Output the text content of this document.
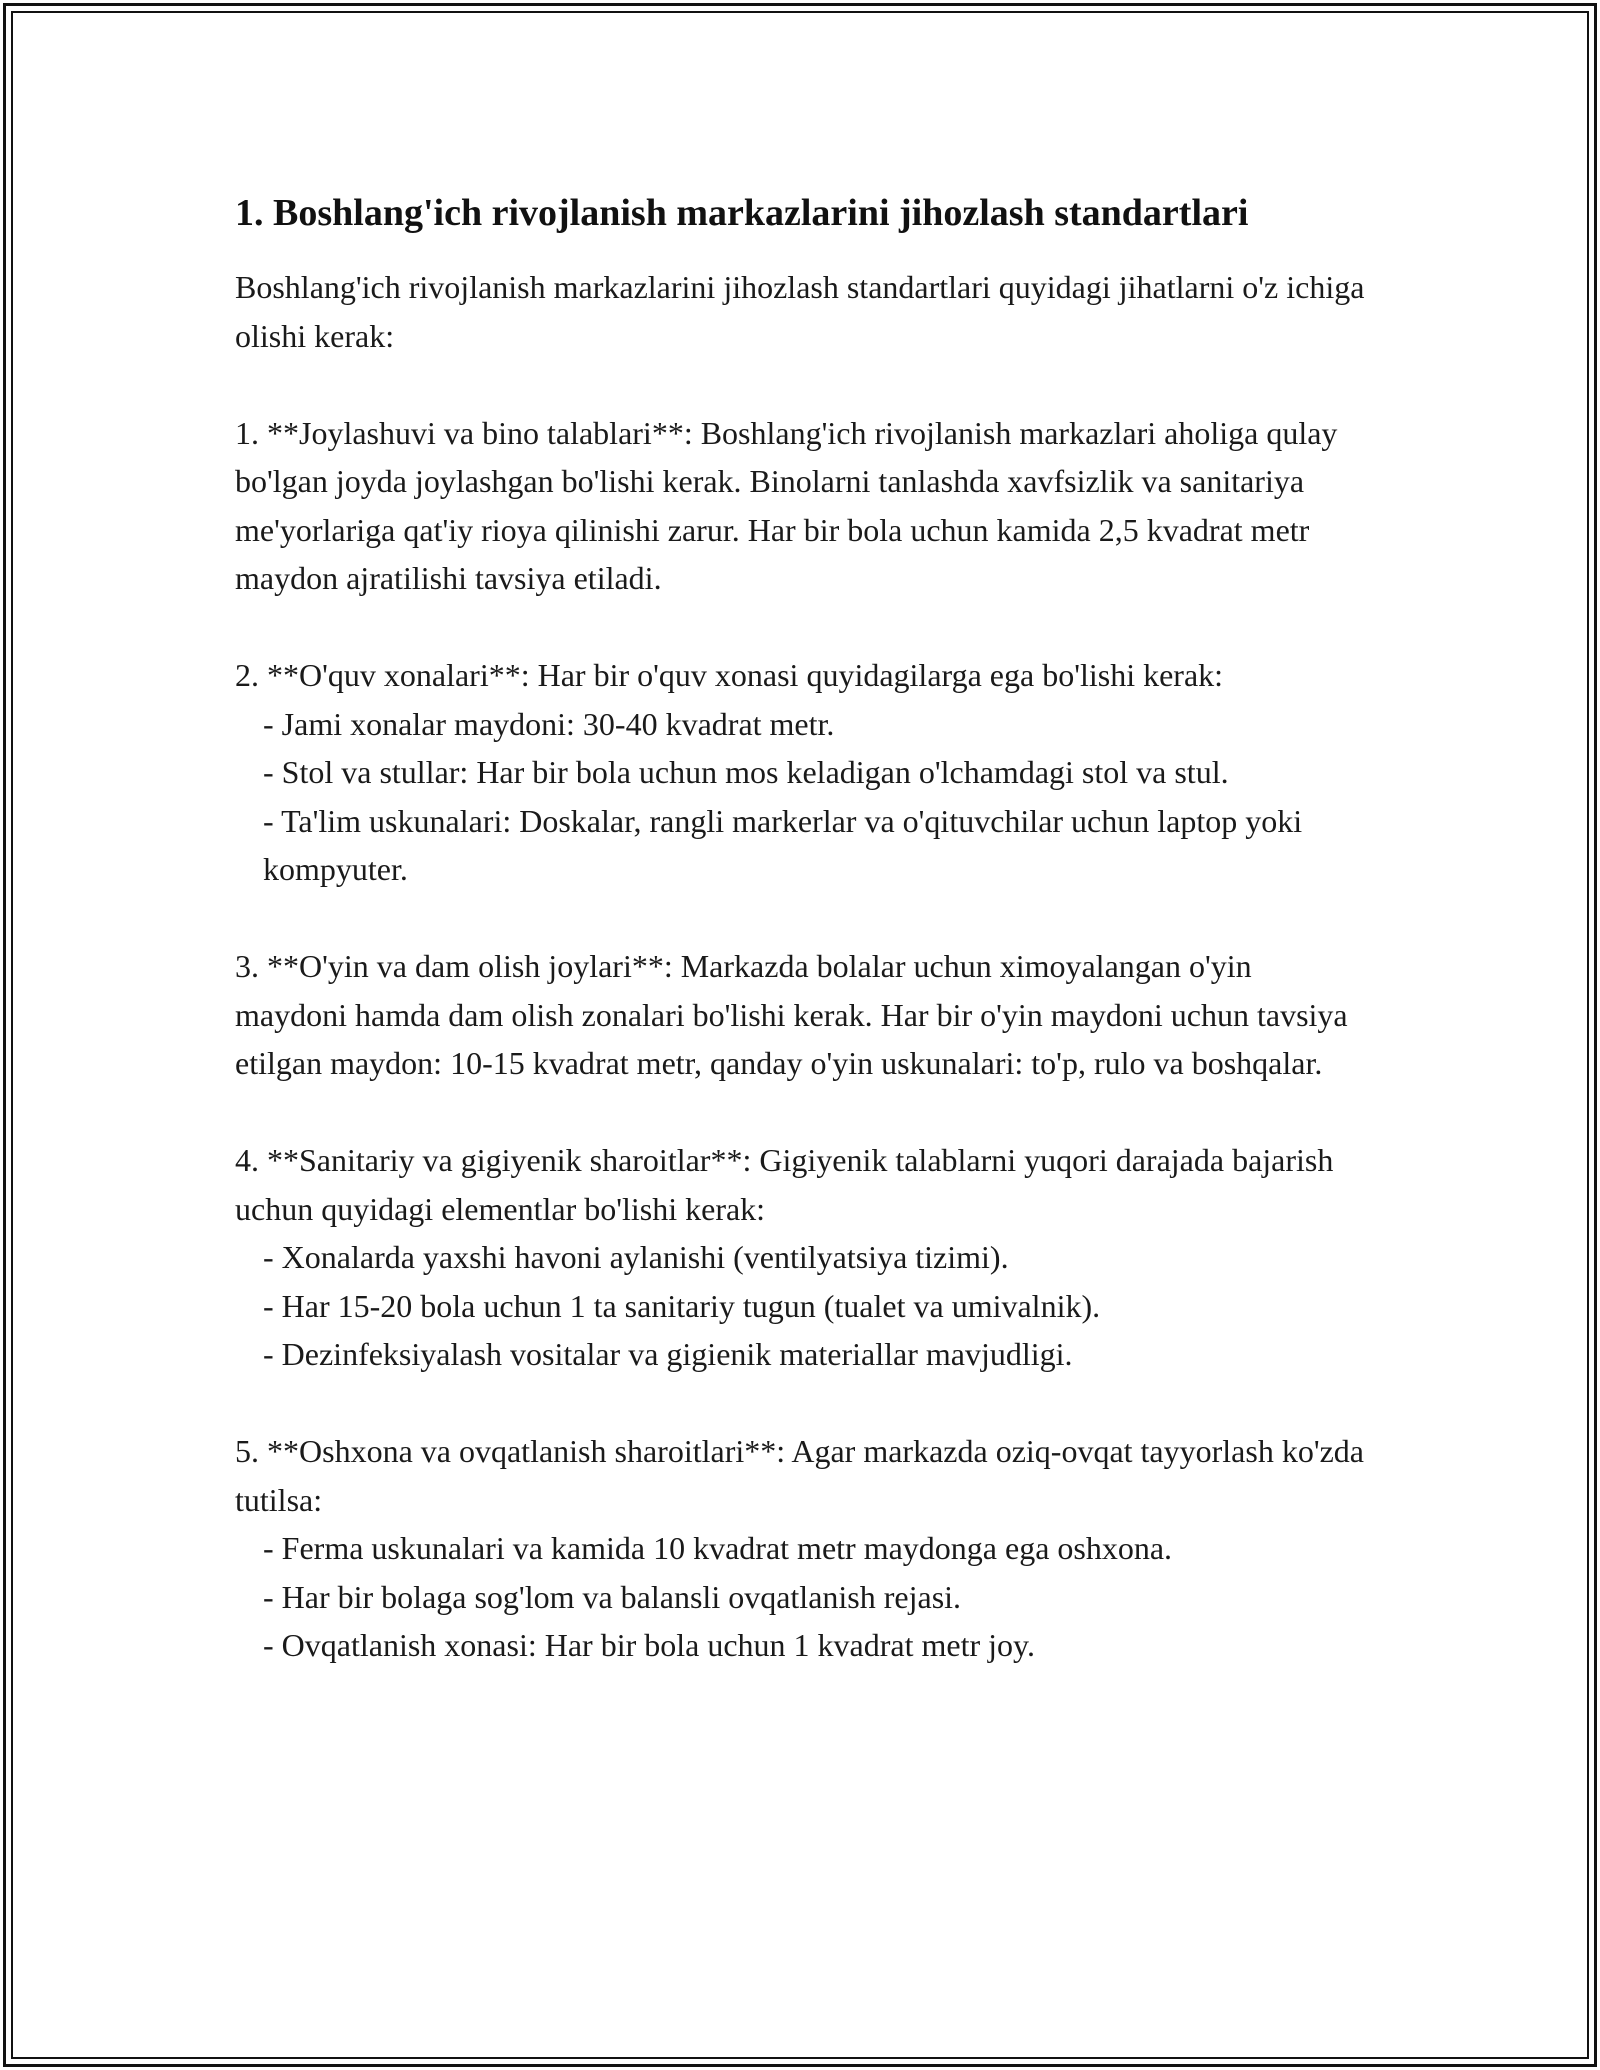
1. Boshlang'ich rivojlanish markazlarini jihozlash standartlari

Boshlang'ich rivojlanish markazlarini jihozlash standartlari quyidagi jihatlarni o'z ichiga olishi kerak:

1. **Joylashuvi va bino talablari**: Boshlang'ich rivojlanish markazlari aholiga qulay bo'lgan joyda joylashgan bo'lishi kerak. Binolarni tanlashda xavfsizlik va sanitariya me'yorlariga qat'iy rioya qilinishi zarur. Har bir bola uchun kamida 2,5 kvadrat metr maydon ajratilishi tavsiya etiladi.
2. **O'quv xonalari**: Har bir o'quv xonasi quyidagilarga ega bo'lishi kerak:
- Jami xonalar maydoni: 30-40 kvadrat metr.
- Stol va stullar: Har bir bola uchun mos keladigan o'lchamdagi stol va stul.
- Ta'lim uskunalari: Doskalar, rangli markerlar va o'qituvchilar uchun laptop yoki kompyuter.
3. **O'yin va dam olish joylari**: Markazda bolalar uchun ximoyalangan o'yin maydoni hamda dam olish zonalari bo'lishi kerak. Har bir o'yin maydoni uchun tavsiya etilgan maydon: 10-15 kvadrat metr, qanday o'yin uskunalari: to'p, rulo va boshqalar.
4. **Sanitariy va gigiyenik sharoitlar**: Gigiyenik talablarni yuqori darajada bajarish uchun quyidagi elementlar bo'lishi kerak:
- Xonalarda yaxshi havoni aylanishi (ventilyatsiya tizimi).
- Har 15-20 bola uchun 1 ta sanitariy tugun (tualet va umivalnik).
- Dezinfeksiyalash vositalar va gigienik materiallar mavjudligi.
5. **Oshxona va ovqatlanish sharoitlari**: Agar markazda oziq-ovqat tayyorlash ko'zda tutilsa:
- Ferma uskunalari va kamida 10 kvadrat metr maydonga ega oshxona.
- Har bir bolaga sog'lom va balansli ovqatlanish rejasi.
- Ovqatlanish xonasi: Har bir bola uchun 1 kvadrat metr joy.
